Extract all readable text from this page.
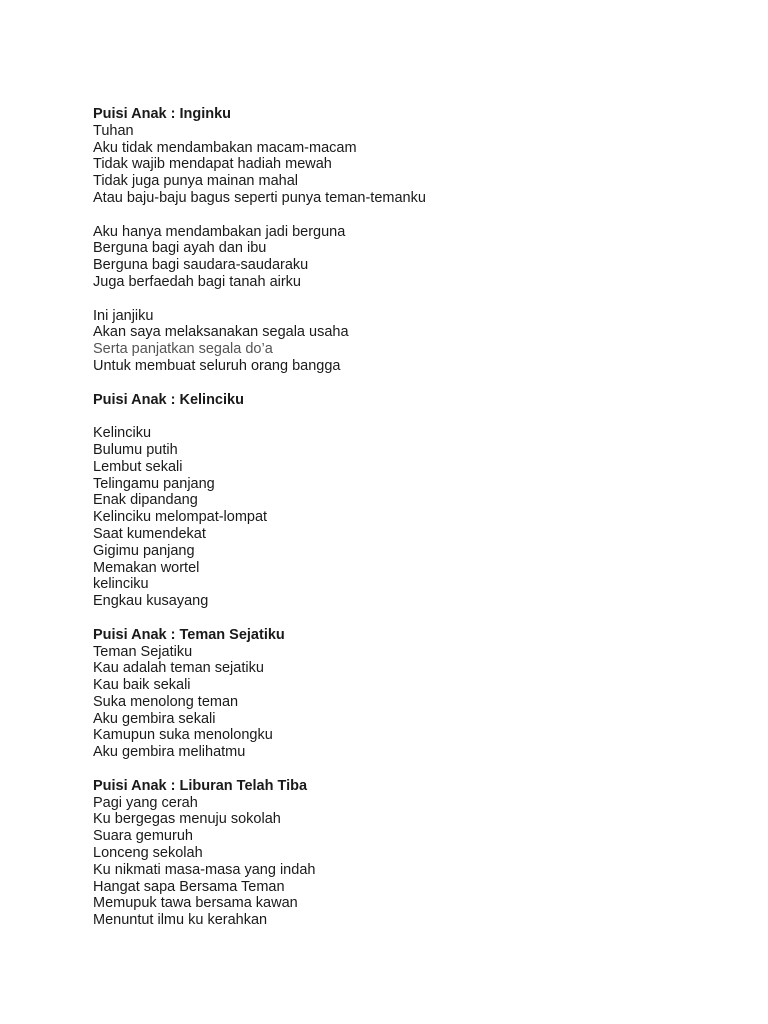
Puisi Anak : Inginku

Tuhan

Aku tidak mendambakan macam-macam

Tidak wajib mendapat hadiah mewah

Tidak juga punya mainan mahal

Atau baju-baju bagus seperti punya teman-temanku

Aku hanya mendambakan jadi berguna

Berguna bagi ayah dan ibu

Berguna bagi saudara-saudaraku

Juga berfaedah bagi tanah airku

Ini janjiku

Akan saya melaksanakan segala usaha

Serta panjatkan segala do’a

Untuk membuat seluruh orang bangga

Puisi Anak : Kelinciku

Kelinciku

Bulumu putih

Lembut sekali

Telingamu panjang

Enak dipandang

Kelinciku melompat-lompat

Saat kumendekat

Gigimu panjang

Memakan wortel

kelinciku

Engkau kusayang

Puisi Anak : Teman Sejatiku

Teman Sejatiku

Kau adalah teman sejatiku

Kau baik sekali

Suka menolong teman

Aku gembira sekali

Kamupun suka menolongku

Aku gembira melihatmu

Puisi Anak : Liburan Telah Tiba

Pagi yang cerah

Ku bergegas menuju sokolah

Suara gemuruh

Lonceng sekolah

Ku nikmati masa-masa yang indah

Hangat sapa Bersama Teman

Memupuk tawa bersama kawan

Menuntut ilmu ku kerahkan
